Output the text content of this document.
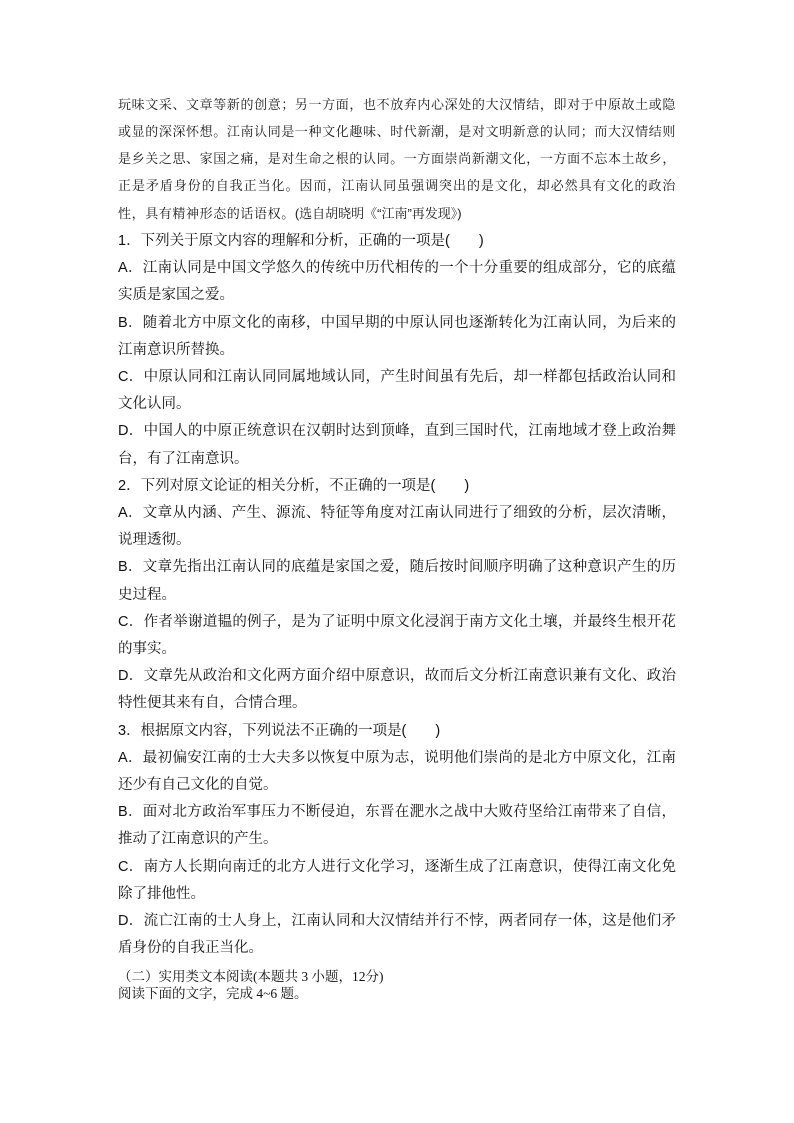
玩味文采、文章等新的创意；另一方面，也不放弃内心深处的大汉情结，即对于中原故土或隐或显的深深怀想。江南认同是一种文化趣味、时代新潮，是对文明新意的认同；而大汉情结则是乡关之思、家国之痛，是对生命之根的认同。一方面崇尚新潮文化，一方面不忘本土故乡，正是矛盾身份的自我正当化。因而，江南认同虽强调突出的是文化，却必然具有文化的政治性，具有精神形态的话语权。(选自胡晓明《“江南”再发现》)

1．下列关于原文内容的理解和分析，正确的一项是(　　)

A．江南认同是中国文学悠久的传统中历代相传的一个十分重要的组成部分，它的底蕴实质是家国之爱。

B．随着北方中原文化的南移，中国早期的中原认同也逐渐转化为江南认同，为后来的江南意识所替换。

C．中原认同和江南认同同属地域认同，产生时间虽有先后，却一样都包括政治认同和文化认同。

D．中国人的中原正统意识在汉朝时达到顶峰，直到三国时代，江南地域才登上政治舞台，有了江南意识。

2．下列对原文论证的相关分析，不正确的一项是(　　)

A．文章从内涵、产生、源流、特征等角度对江南认同进行了细致的分析，层次清晰，说理透彻。

B．文章先指出江南认同的底蕴是家国之爱，随后按时间顺序明确了这种意识产生的历史过程。

C．作者举谢道韫的例子，是为了证明中原文化浸润于南方文化土壤，并最终生根开花的事实。

D．文章先从政治和文化两方面介绍中原意识，故而后文分析江南意识兼有文化、政治特性便其来有自，合情合理。

3．根据原文内容，下列说法不正确的一项是(　　)

A．最初偏安江南的士大夫多以恢复中原为志，说明他们崇尚的是北方中原文化，江南还少有自己文化的自觉。

B．面对北方政治军事压力不断侵迫，东晋在淝水之战中大败苻坚给江南带来了自信，推动了江南意识的产生。

C．南方人长期向南迁的北方人进行文化学习，逐渐生成了江南意识，使得江南文化免除了排他性。

D．流亡江南的士人身上，江南认同和大汉情结并行不悖，两者同存一体，这是他们矛盾身份的自我正当化。

（二）实用类文本阅读(本题共 3 小题，12分)

阅读下面的文字，完成 4~6 题。
